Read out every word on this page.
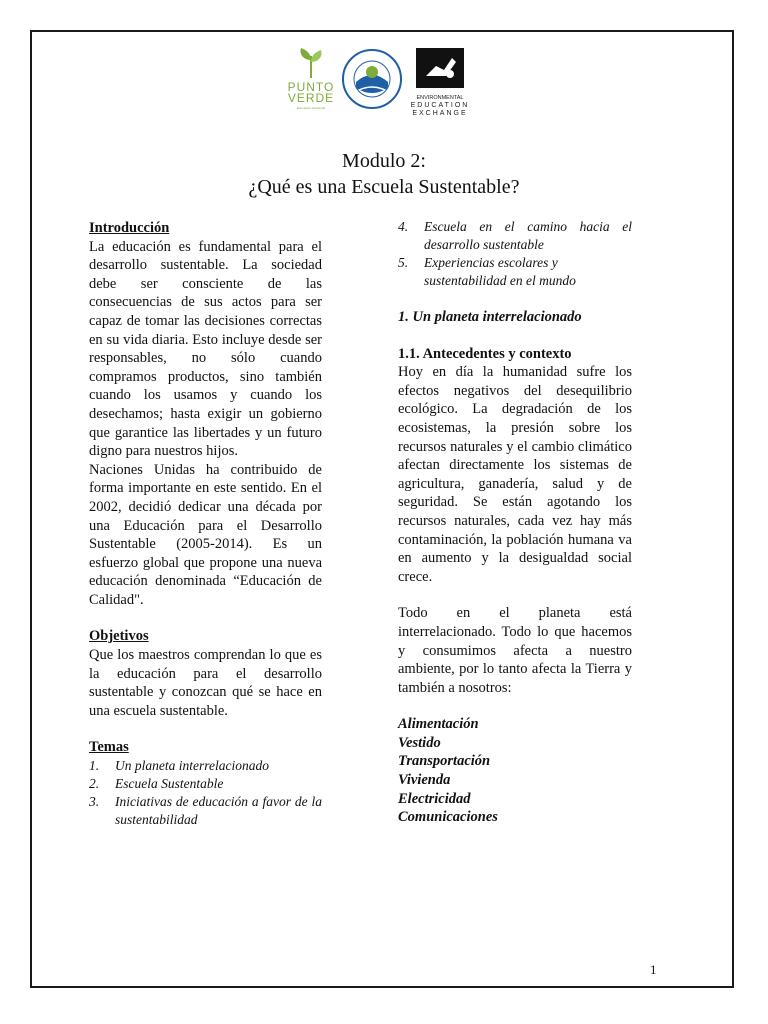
PUNTO
VERDE
Educación Ambiental
ENVIRONMENTAL
EDUCATION
EXCHANGE
Modulo 2:
¿Qué es una Escuela Sustentable?
Introducción
La educación es fundamental para el desarrollo sustentable. La sociedad debe ser consciente de las consecuencias de sus actos para ser capaz de tomar las decisiones correctas en su vida diaria. Esto incluye desde ser responsables, no sólo cuando compramos productos, sino también cuando los usamos y cuando los desechamos; hasta exigir un gobierno que garantice las libertades y un futuro digno para nuestros hijos.
Naciones Unidas ha contribuido de forma importante en este sentido. En el 2002, decidió dedicar una década por una Educación para el Desarrollo Sustentable (2005-2014). Es un esfuerzo global que propone una nueva educación denominada “Educación de Calidad".
Objetivos
Que los maestros comprendan lo que es la educación para el desarrollo sustentable y conozcan qué se hace en una escuela sustentable.
Temas
1. Un planeta interrelacionado
2. Escuela Sustentable
3. Iniciativas de educación a favor de la sustentabilidad
4. Escuela en el camino hacia el desarrollo sustentable
5. Experiencias escolares y sustentabilidad en el mundo
1. Un planeta interrelacionado
1.1. Antecedentes y contexto
Hoy en día la humanidad sufre los efectos negativos del desequilibrio ecológico. La degradación de los ecosistemas, la presión sobre los recursos naturales y el cambio climático afectan directamente los sistemas de agricultura, ganadería, salud y de seguridad. Se están agotando los recursos naturales, cada vez hay más contaminación, la población humana va en aumento y la desigualdad social crece.
Todo en el planeta está interrelacionado. Todo lo que hacemos y consumimos afecta a nuestro ambiente, por lo tanto afecta la Tierra y también a nosotros:
Alimentación
Vestido
Transportación
Vivienda
Electricidad
Comunicaciones
1
